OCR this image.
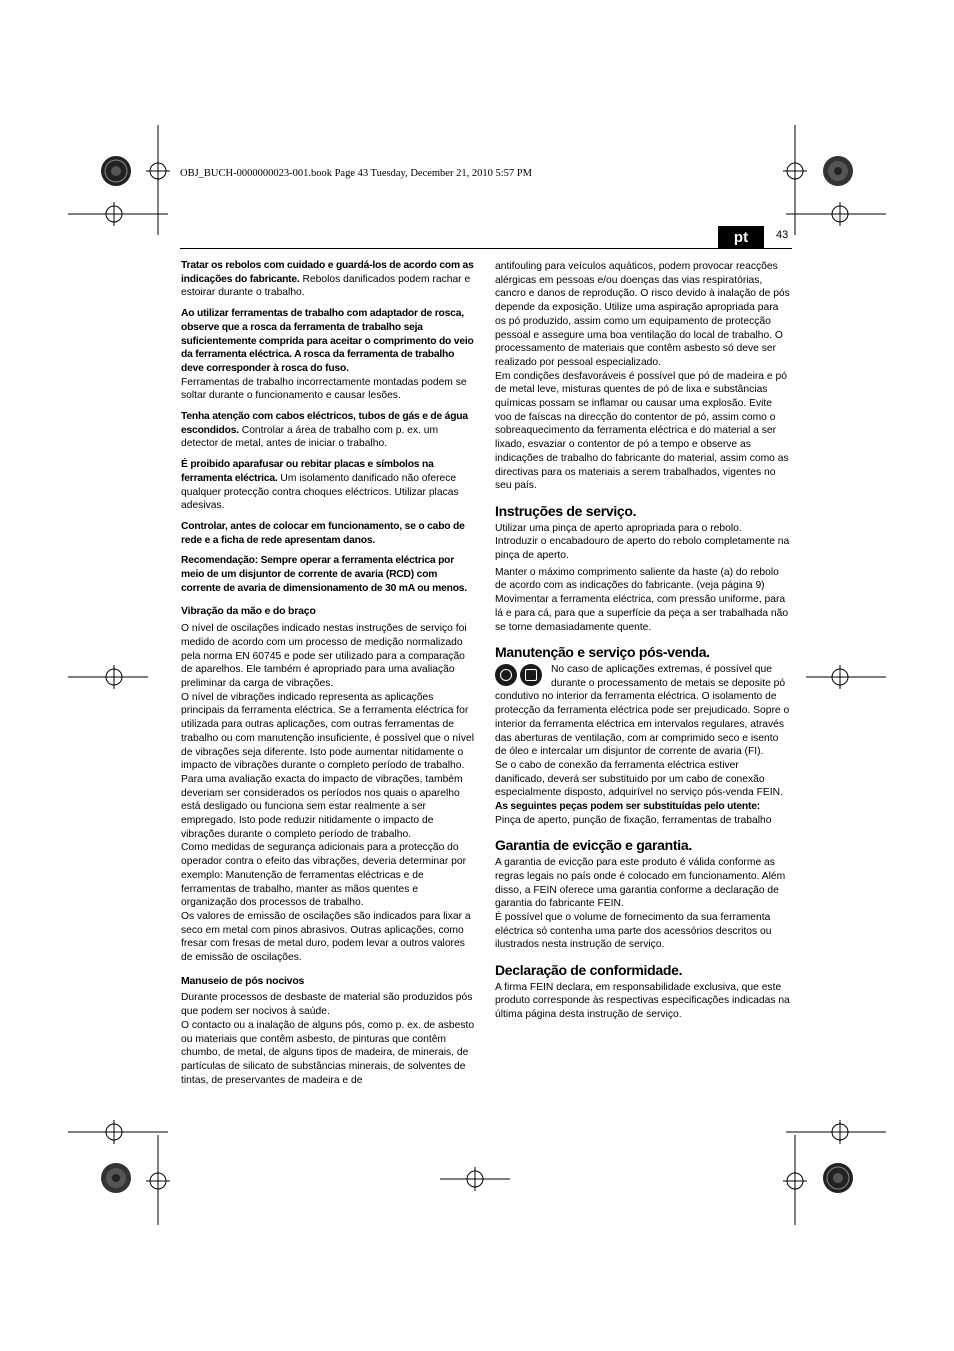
OBJ_BUCH-0000000023-001.book Page 43 Tuesday, December 21, 2010 5:57 PM
pt	43

Tratar os rebolos com cuidado e guardá-los de acordo com as indicações do fabricante. Rebolos danificados podem rachar e estoirar durante o trabalho.

Ao utilizar ferramentas de trabalho com adaptador de rosca, observe que a rosca da ferramenta de trabalho seja suficientemente comprida para aceitar o comprimento do veio da ferramenta eléctrica. A rosca da ferramenta de trabalho deve corresponder à rosca do fuso.
Ferramentas de trabalho incorrectamente montadas podem se soltar durante o funcionamento e causar lesões.

Tenha atenção com cabos eléctricos, tubos de gás e de água escondidos. Controlar a área de trabalho com p. ex. um detector de metal, antes de iniciar o trabalho.

É proibido aparafusar ou rebitar placas e símbolos na ferramenta eléctrica. Um isolamento danificado não oferece qualquer protecção contra choques eléctricos. Utilizar placas adesivas.

Controlar, antes de colocar em funcionamento, se o cabo de rede e a ficha de rede apresentam danos.

Recomendação: Sempre operar a ferramenta eléctrica por meio de um disjuntor de corrente de avaria (RCD) com corrente de avaria de dimensionamento de 30 mA ou menos.

Vibração da mão e do braço

O nível de oscilações indicado nestas instruções de serviço foi medido de acordo com um processo de medição normalizado pela norma EN 60745 e pode ser utilizado para a comparação de aparelhos. Ele também é apropriado para uma avaliação preliminar da carga de vibrações.

O nível de vibrações indicado representa as aplicações principais da ferramenta eléctrica. Se a ferramenta eléctrica for utilizada para outras aplicações, com outras ferramentas de trabalho ou com manutenção insuficiente, é possível que o nível de vibrações seja diferente. Isto pode aumentar nitidamente o impacto de vibrações durante o completo período de trabalho.

Para uma avaliação exacta do impacto de vibrações, também deveriam ser considerados os períodos nos quais o aparelho está desligado ou funciona sem estar realmente a ser empregado. Isto pode reduzir nitidamente o impacto de vibrações durante o completo período de trabalho.

Como medidas de segurança adicionais para a protecção do operador contra o efeito das vibrações, deveria determinar por exemplo: Manutenção de ferramentas eléctricas e de ferramentas de trabalho, manter as mãos quentes e organização dos processos de trabalho.

Os valores de emissão de oscilações são indicados para lixar a seco em metal com pinos abrasivos. Outras aplicações, como fresar com fresas de metal duro, podem levar a outros valores de emissão de oscilações.

Manuseio de pós nocivos

Durante processos de desbaste de material são produzidos pós que podem ser nocivos à saúde.

O contacto ou a inalação de alguns pós, como p. ex. de asbesto ou materiais que contêm asbesto, de pinturas que contêm chumbo, de metal, de alguns tipos de madeira, de minerais, de partículas de silicato de substâncias minerais, de solventes de tintas, de preservantes de madeira e de

antifouling para veículos aquáticos, podem provocar reacções alérgicas em pessoas e/ou doenças das vias respiratórias, cancro e danos de reprodução. O risco devido à inalação de pós depende da exposição. Utilize uma aspiração apropriada para os pó produzido, assim como um equipamento de protecção pessoal e assegure uma boa ventilação do local de trabalho. O processamento de materiais que contêm asbesto só deve ser realizado por pessoal especializado.

Em condições desfavoráveis é possível que pó de madeira e pó de metal leve, misturas quentes de pó de lixa e substâncias químicas possam se inflamar ou causar uma explosão. Evite voo de faíscas na direcção do contentor de pó, assim como o sobreaquecimento da ferramenta eléctrica e do material a ser lixado, esvaziar o contentor de pó a tempo e observe as indicações de trabalho do fabricante do material, assim como as directivas para os materiais a serem trabalhados, vigentes no seu país.

Instruções de serviço.

Utilizar uma pinça de aperto apropriada para o rebolo.

Introduzir o encabadouro de aperto do rebolo completamente na pinça de aperto.

Manter o máximo comprimento saliente da haste (a) do rebolo de acordo com as indicações do fabricante. (veja página 9)

Movimentar a ferramenta eléctrica, com pressão uniforme, para lá e para cá, para que a superfície da peça a ser trabalhada não se torne demasiadamente quente.

Manutenção e serviço pós-venda.

No caso de aplicações extremas, é possível que durante o processamento de metais se deposite pó condutivo no interior da ferramenta eléctrica. O isolamento de protecção da ferramenta eléctrica pode ser prejudicado. Sopre o interior da ferramenta eléctrica em intervalos regulares, através das aberturas de ventilação, com ar comprimido seco e isento de óleo e intercalar um disjuntor de corrente de avaria (FI).

Se o cabo de conexão da ferramenta eléctrica estiver danificado, deverá ser substituido por um cabo de conexão especialmente disposto, adquirível no serviço pós-venda FEIN.

As seguintes peças podem ser substituídas pelo utente:
Pinça de aperto, punção de fixação, ferramentas de trabalho

Garantia de evicção e garantia.

A garantia de evicção para este produto é válida conforme as regras legais no país onde é colocado em funcionamento. Além disso, a FEIN oferece uma garantia conforme a declaração de garantia do fabricante FEIN.

É possível que o volume de fornecimento da sua ferramenta eléctrica só contenha uma parte dos acessórios descritos ou ilustrados nesta instrução de serviço.

Declaração de conformidade.

A firma FEIN declara, em responsabilidade exclusiva, que este produto corresponde às respectivas especificações indicadas na última página desta instrução de serviço.
